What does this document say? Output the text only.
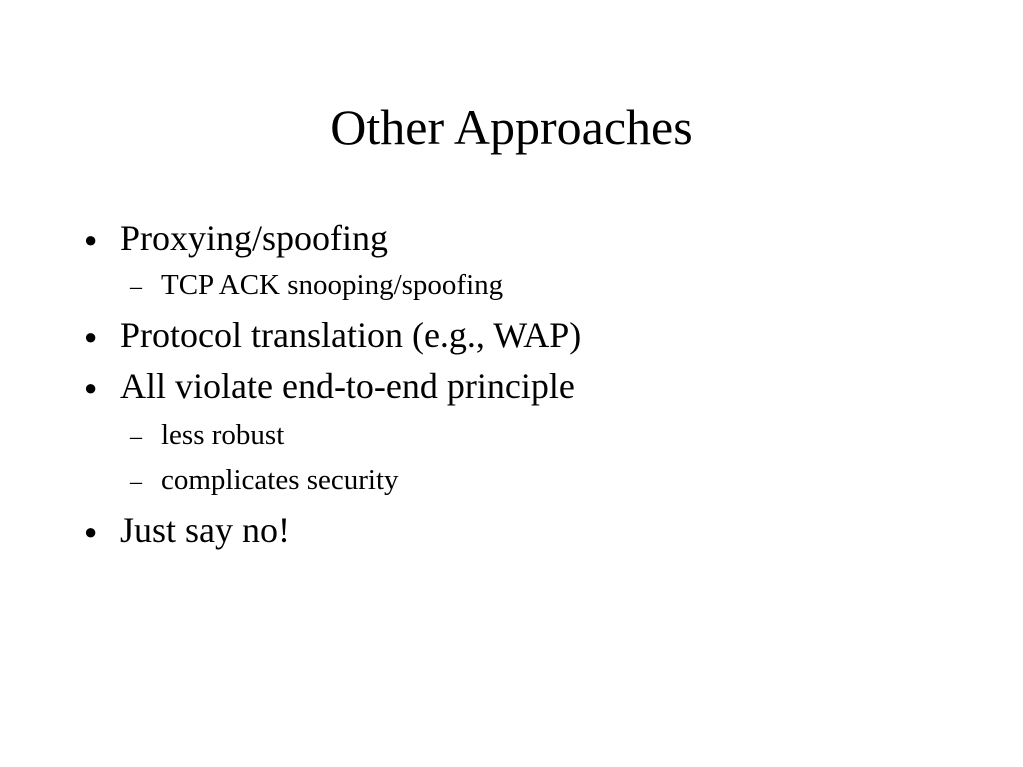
Other Approaches
● Proxying/spoofing
– TCP ACK snooping/spoofing
● Protocol translation (e.g., WAP)
● All violate end-to-end principle
– less robust
– complicates security
● Just say no!
